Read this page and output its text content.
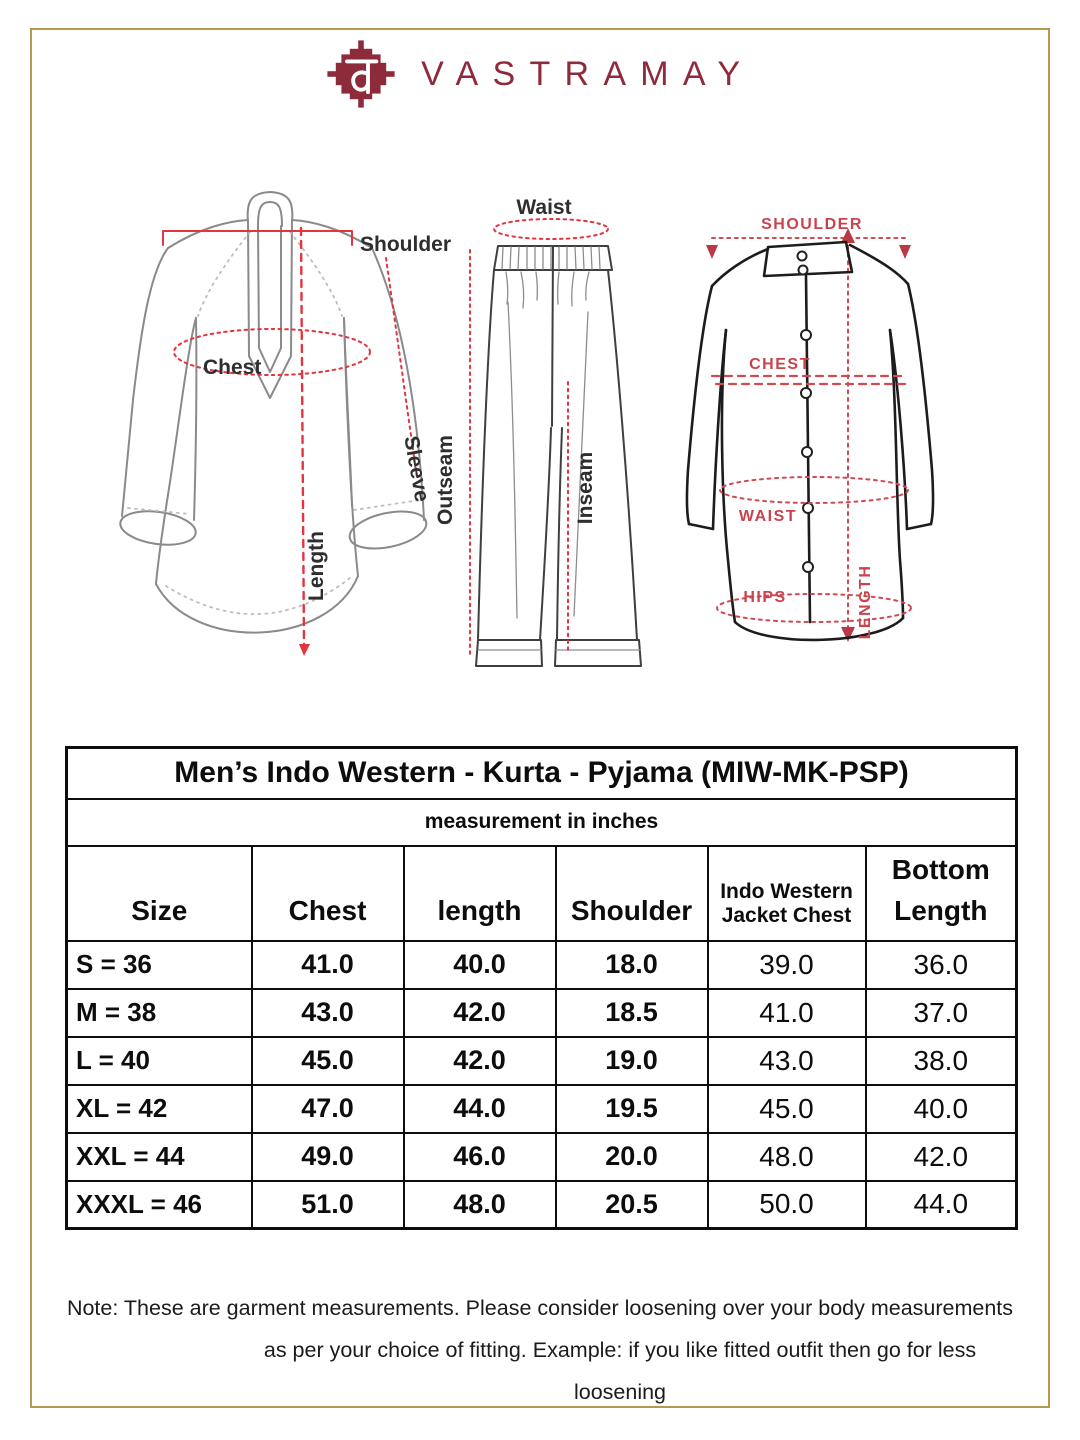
VASTRAMAY
Shoulder
Chest
Sleeve
Length
Waist
Outseam	Inseam
SHOULDER
CHEST
WAIST
HIPS	LENGTH
Men’s Indo Western - Kurta - Pyjama (MIW-MK-PSP)					
measurement in inches					
Size	Chest	length	Shoulder	Indo Western Jacket Chest	Bottom Length
S = 36	41.0	40.0	18.0	39.0	36.0
M = 38	43.0	42.0	18.5	41.0	37.0
L = 40	45.0	42.0	19.0	43.0	38.0
XL = 42	47.0	44.0	19.5	45.0	40.0
XXL = 44	49.0	46.0	20.0	48.0	42.0
XXXL = 46	51.0	48.0	20.5	50.0	44.0
Note: These are garment measurements. Please consider loosening over your body measurements
as per your choice of fitting. Example: if you like fitted outfit then go for less loosening
